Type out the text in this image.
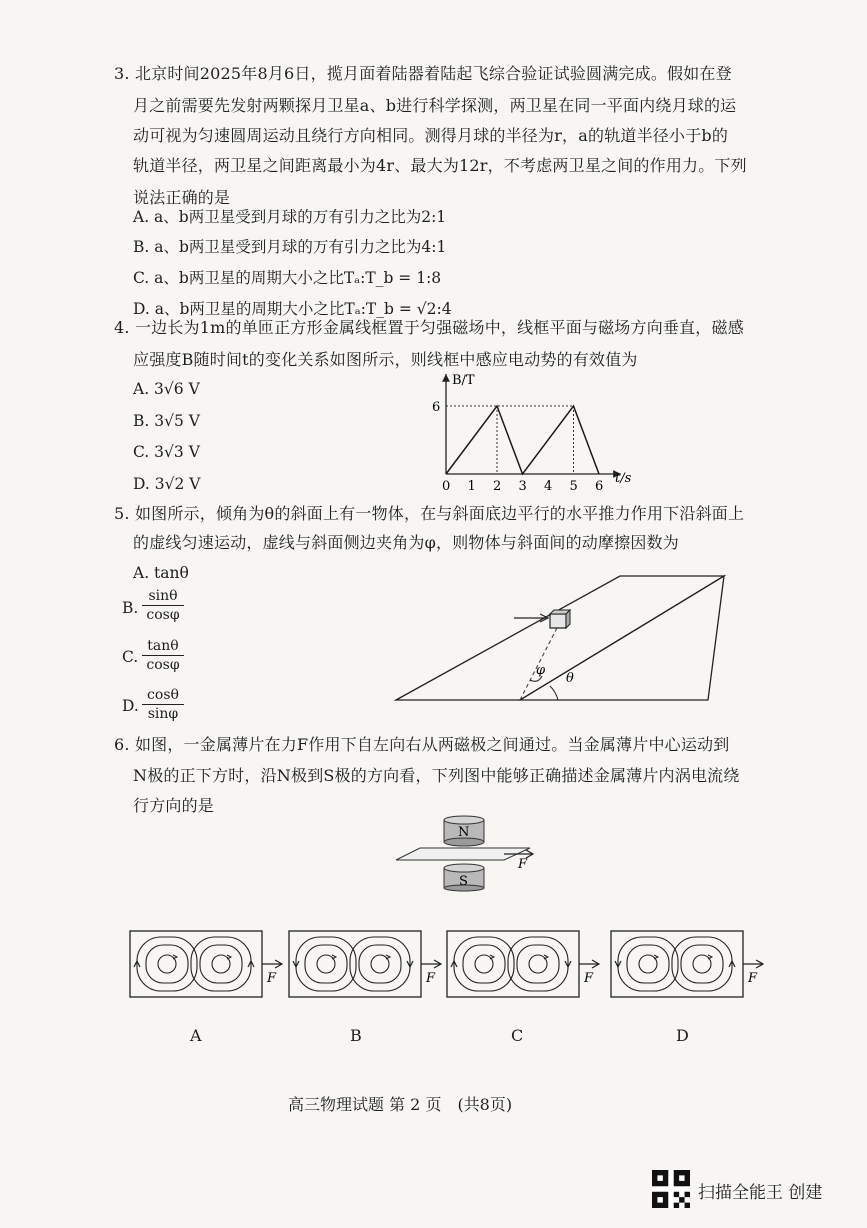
3. 北京时间2025年8月6日，揽月面着陆器着陆起飞综合验证试验圆满完成。假如在登
月之前需要先发射两颗探月卫星a、b进行科学探测，两卫星在同一平面内绕月球的运
动可视为匀速圆周运动且绕行方向相同。测得月球的半径为r，a的轨道半径小于b的
轨道半径，两卫星之间距离最小为4r、最大为12r，不考虑两卫星之间的作用力。下列
说法正确的是
A. a、b两卫星受到月球的万有引力之比为2:1
B. a、b两卫星受到月球的万有引力之比为4:1
C. a、b两卫星的周期大小之比Tₐ:T_b = 1:8
D. a、b两卫星的周期大小之比Tₐ:T_b = √2:4
4. 一边长为1m的单匝正方形金属线框置于匀强磁场中，线框平面与磁场方向垂直，磁感
应强度B随时间t的变化关系如图所示，则线框中感应电动势的有效值为
A. 3√6 V
B. 3√5 V
C. 3√3 V
D. 3√2 V	0 1 2 3 4 5 6
B/T
t/s
6
5. 如图所示，倾角为θ的斜面上有一物体，在与斜面底边平行的水平推力作用下沿斜面上
的虚线匀速运动，虚线与斜面侧边夹角为φ，则物体与斜面间的动摩擦因数为
A. tanθ
B. $\frac{\sin\theta}{\cos\varphi}$
C. $\frac{\tan\theta}{\cos\varphi}$
D. $\frac{\cos\theta}{\sin\varphi}$
φ
θ
6. 如图，一金属薄片在力F作用下自左向右从两磁极之间通过。当金属薄片中心运动到
N极的正下方时，沿N极到S极的方向看，下列图中能够正确描述金属薄片内涡电流绕
行方向的是
N
F
S
F
A
F
B
F
C
F
D
高三物理试题 第 2 页　(共8页)
扫描全能王 创建
